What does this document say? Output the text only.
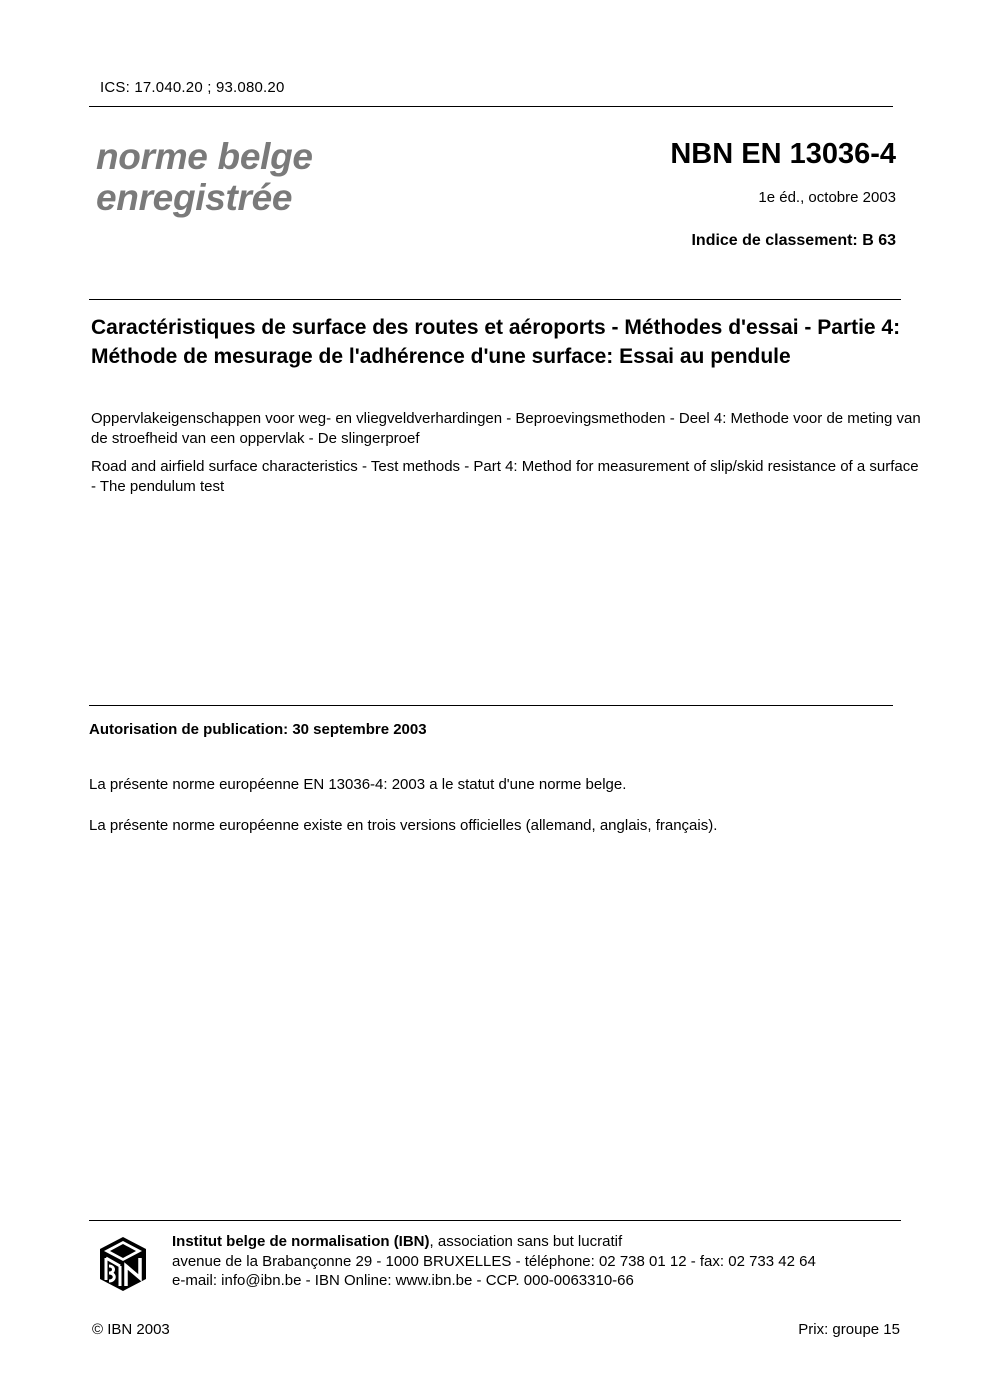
ICS: 17.040.20 ; 93.080.20
norme belge
enregistrée
NBN EN 13036-4
1e éd., octobre 2003
Indice de classement: B 63
Caractéristiques de surface des routes et aéroports - Méthodes d'essai - Partie 4: Méthode de mesurage de l'adhérence d'une surface: Essai au pendule
Oppervlakeigenschappen voor weg- en vliegveldverhardingen - Beproevingsmethoden - Deel 4: Methode voor de meting van de stroefheid van een oppervlak - De slingerproef
Road and airfield surface characteristics - Test methods - Part 4: Method for measurement of slip/skid resistance of a surface - The pendulum test
Autorisation de publication: 30 septembre 2003
La présente norme européenne EN 13036-4: 2003 a le statut d'une norme belge.
La présente norme européenne existe en trois versions officielles (allemand, anglais, français).
Institut belge de normalisation (IBN), association sans but lucratif
avenue de la Brabançonne 29 - 1000 BRUXELLES - téléphone: 02 738 01 12 - fax: 02 733 42 64
e-mail: info@ibn.be - IBN Online: www.ibn.be - CCP. 000-0063310-66
© IBN 2003	Prix: groupe 15
